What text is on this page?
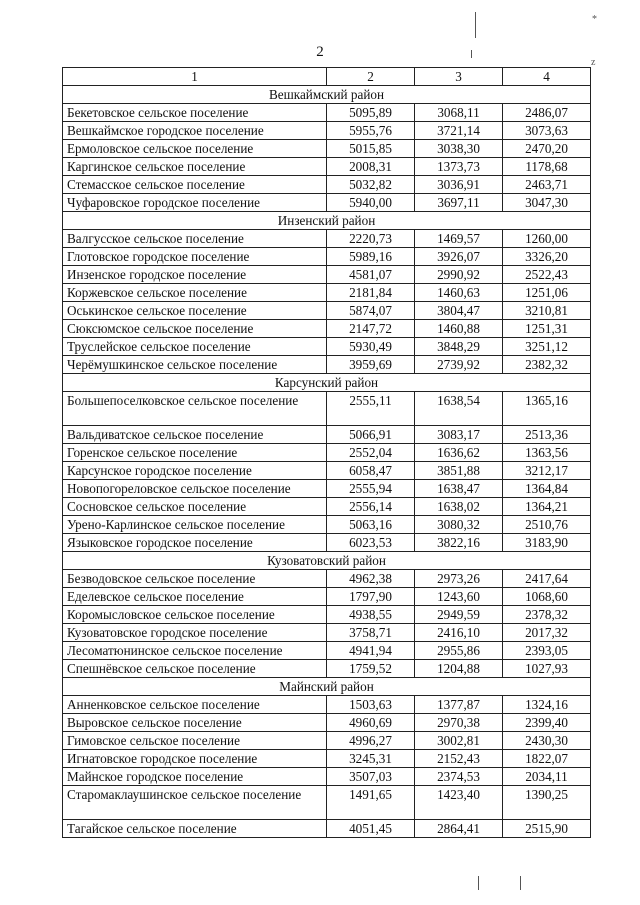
2
*
z
1	2	3	4
Вешкаймский район			
Бекетовское сельское поселение	5095,89	3068,11	2486,07
Вешкаймское городское поселение	5955,76	3721,14	3073,63
Ермоловское сельское поселение	5015,85	3038,30	2470,20
Каргинское сельское поселение	2008,31	1373,73	1178,68
Стемасское сельское поселение	5032,82	3036,91	2463,71
Чуфаровское городское поселение	5940,00	3697,11	3047,30
Инзенский район			
Валгусское сельское поселение	2220,73	1469,57	1260,00
Глотовское городское поселение	5989,16	3926,07	3326,20
Инзенское городское поселение	4581,07	2990,92	2522,43
Коржевское сельское поселение	2181,84	1460,63	1251,06
Оськинское сельское поселение	5874,07	3804,47	3210,81
Сюксюмское сельское поселение	2147,72	1460,88	1251,31
Труслейское сельское поселение	5930,49	3848,29	3251,12
Черёмушкинское сельское поселение	3959,69	2739,92	2382,32
Карсунский район			
Большепоселковское сельское поселение	2555,11	1638,54	1365,16
Вальдиватское сельское поселение	5066,91	3083,17	2513,36
Горенское сельское поселение	2552,04	1636,62	1363,56
Карсунское городское поселение	6058,47	3851,88	3212,17
Новопогореловское сельское поселение	2555,94	1638,47	1364,84
Сосновское сельское поселение	2556,14	1638,02	1364,21
Урено-Карлинское сельское поселение	5063,16	3080,32	2510,76
Языковское городское поселение	6023,53	3822,16	3183,90
Кузоватовский район			
Безводовское сельское поселение	4962,38	2973,26	2417,64
Еделевское сельское поселение	1797,90	1243,60	1068,60
Коромысловское сельское поселение	4938,55	2949,59	2378,32
Кузоватовское городское поселение	3758,71	2416,10	2017,32
Лесоматюнинское сельское поселение	4941,94	2955,86	2393,05
Спешнёвское сельское поселение	1759,52	1204,88	1027,93
Майнский район			
Анненковское сельское поселение	1503,63	1377,87	1324,16
Выровское сельское поселение	4960,69	2970,38	2399,40
Гимовское сельское поселение	4996,27	3002,81	2430,30
Игнатовское городское поселение	3245,31	2152,43	1822,07
Майнское городское поселение	3507,03	2374,53	2034,11
Старомаклаушинское сельское поселение	1491,65	1423,40	1390,25
Тагайское сельское поселение	4051,45	2864,41	2515,90
